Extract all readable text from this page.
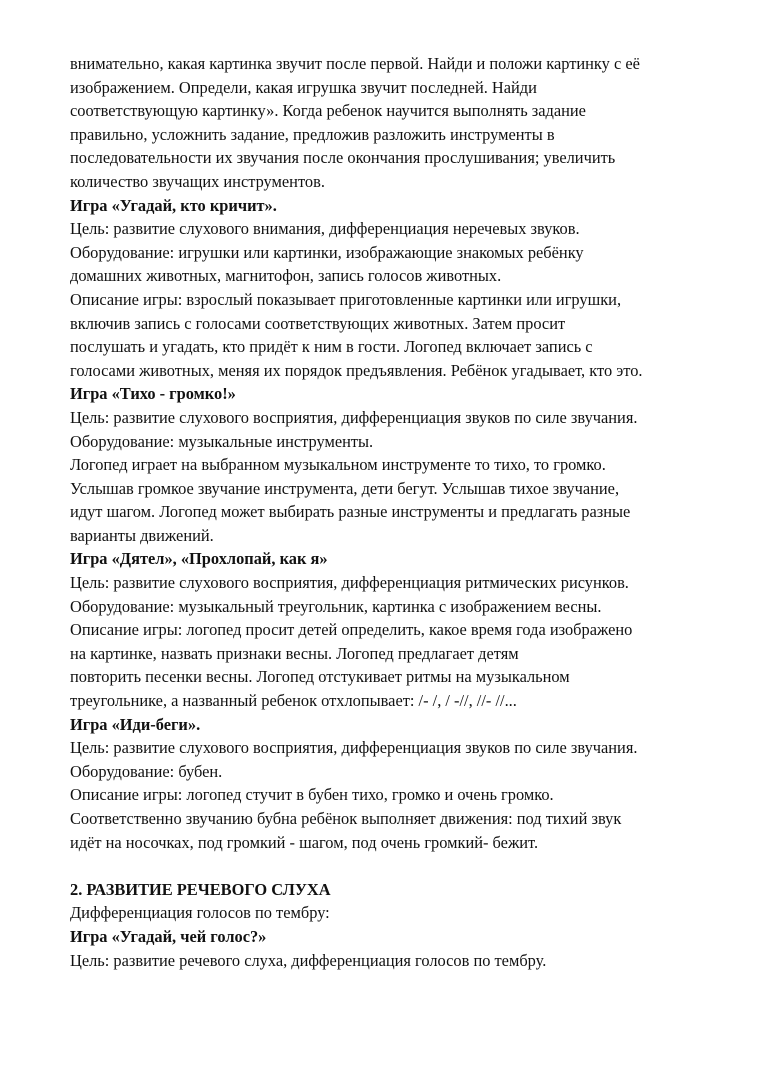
внимательно, какая картинка звучит после первой. Найди и положи картинку с её
изображением. Определи, какая игрушка звучит последней. Найди
соответствующую картинку». Когда ребенок научится выполнять задание
правильно, усложнить задание, предложив разложить инструменты в
последовательности их звучания после окончания прослушивания; увеличить
количество звучащих инструментов.
Игра «Угадай, кто кричит».
Цель: развитие слухового внимания, дифференциация неречевых звуков.
Оборудование: игрушки или картинки, изображающие знакомых ребёнку
домашних животных, магнитофон, запись голосов животных.
Описание игры: взрослый показывает приготовленные картинки или игрушки,
включив запись с голосами соответствующих животных. Затем просит
послушать и угадать, кто придёт к ним в гости. Логопед включает запись с
голосами животных, меняя их порядок предъявления. Ребёнок угадывает, кто это.
Игра «Тихо - громко!»
Цель: развитие слухового восприятия, дифференциация звуков по силе звучания.
Оборудование: музыкальные инструменты.
Логопед играет на выбранном музыкальном инструменте то тихо, то громко.
Услышав громкое звучание инструмента, дети бегут. Услышав тихое звучание,
идут шагом. Логопед может выбирать разные инструменты и предлагать разные
варианты движений.
Игра «Дятел», «Прохлопай, как я»
Цель: развитие слухового восприятия, дифференциация ритмических рисунков.
Оборудование: музыкальный треугольник, картинка с изображением весны.
Описание игры: логопед просит детей определить, какое время года изображено
на картинке, назвать признаки весны. Логопед предлагает детям
повторить песенки весны. Логопед отстукивает ритмы на музыкальном
треугольнике, а названный ребенок отхлопывает: /- /, / -//, //- //...
Игра «Иди-беги».
Цель: развитие слухового восприятия, дифференциация звуков по силе звучания.
Оборудование: бубен.
Описание игры: логопед стучит в бубен тихо, громко и очень громко.
Соответственно звучанию бубна ребёнок выполняет движения: под тихий звук
идёт на носочках, под громкий - шагом, под очень громкий- бежит.
2. РАЗВИТИЕ РЕЧЕВОГО СЛУХА
Дифференциация голосов по тембру:
Игра «Угадай, чей голос?»
Цель: развитие речевого слуха, дифференциация голосов по тембру.
